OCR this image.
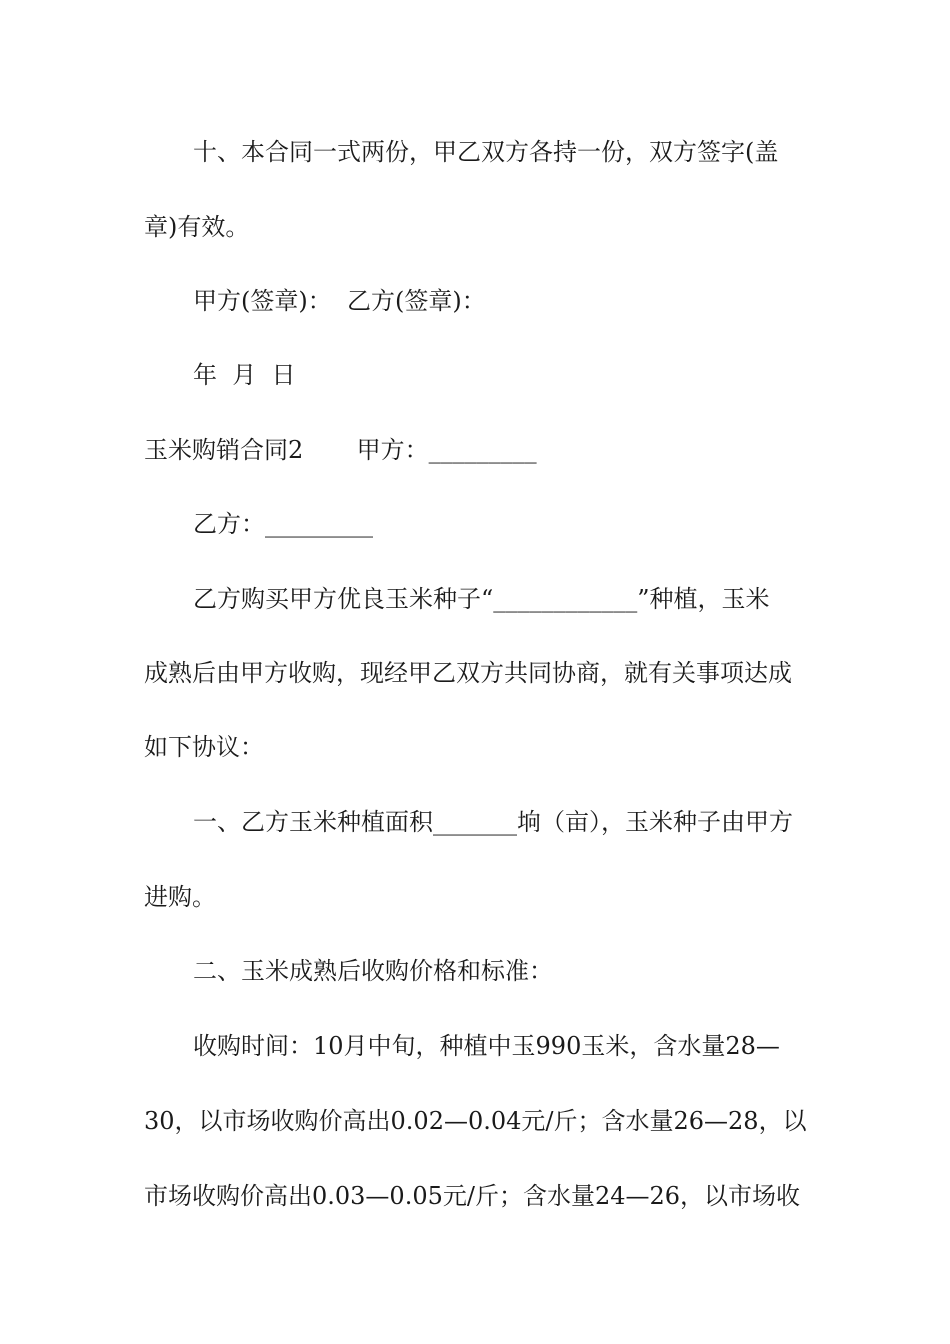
十、本合同一式两份，甲乙双方各持一份，双方签字(盖
章)有效。
甲方(签章)：  乙方(签章)：
年  月  日
玉米购销合同2       甲方：_________
乙方：_________
乙方购买甲方优良玉米种子“____________”种植，玉米
成熟后由甲方收购，现经甲乙双方共同协商，就有关事项达成
如下协议：
一、乙方玉米种植面积_______垧（亩），玉米种子由甲方
进购。
二、玉米成熟后收购价格和标准：
收购时间：10月中旬，种植中玉990玉米，含水量28—
30，以市场收购价高出0.02—0.04元/斤；含水量26—28，以
市场收购价高出0.03—0.05元/斤；含水量24—26，以市场收
